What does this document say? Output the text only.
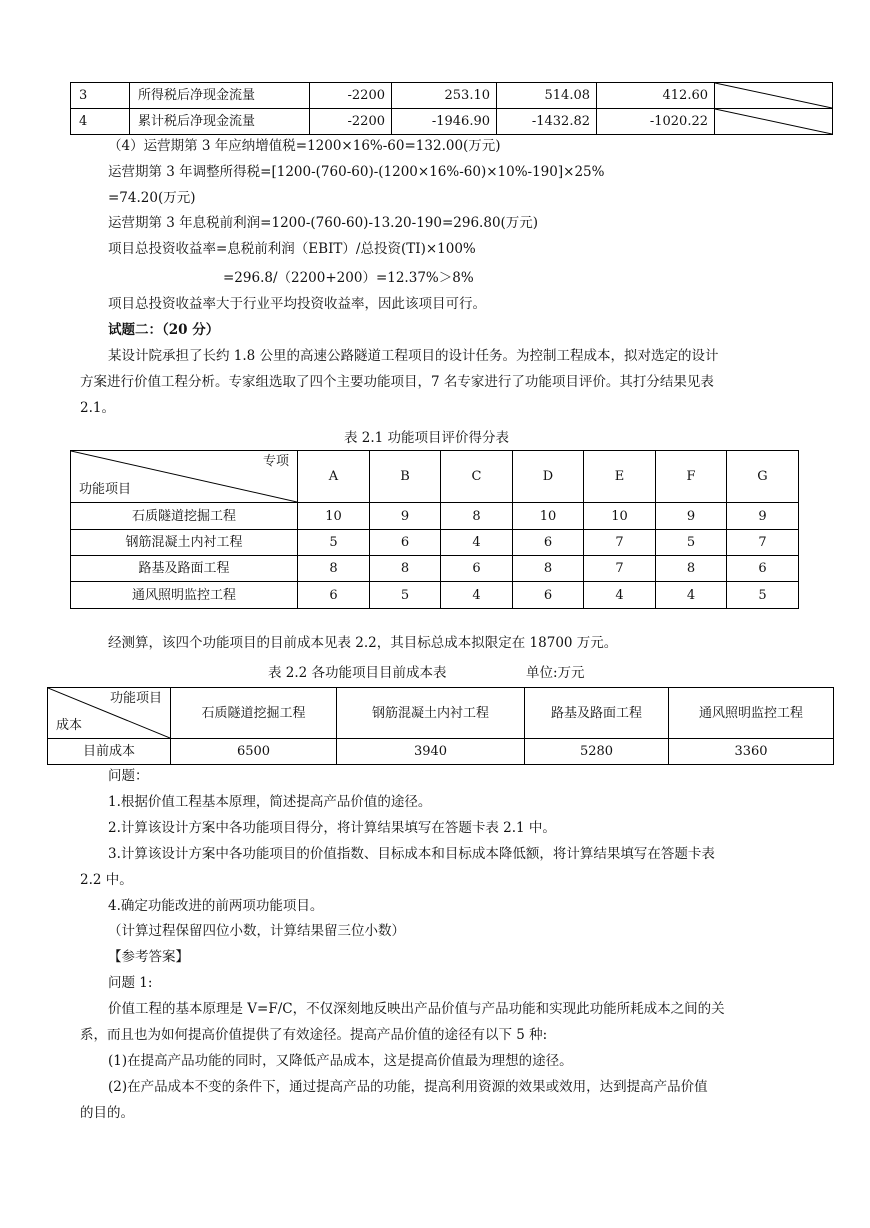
3	所得税后净现金流量	-2200	253.10	514.08	412.60	

4	累计税后净现金流量	-2200	-1946.90	-1432.82	-1020.22	
（4）运营期第 3 年应纳增值税=1200×16%-60=132.00(万元)
运营期第 3 年调整所得税=[1200-(760-60)-(1200×16%-60)×10%-190]×25%
=74.20(万元)
运营期第 3 年息税前利润=1200-(760-60)-13.20-190=296.80(万元)
项目总投资收益率=息税前利润（EBIT）/总投资(TI)×100%
=296.8/（2200+200）=12.37%＞8%
项目总投资收益率大于行业平均投资收益率，因此该项目可行。
试题二：（20 分）
某设计院承担了长约 1.8 公里的高速公路隧道工程项目的设计任务。为控制工程成本，拟对选定的设计
方案进行价值工程分析。专家组选取了四个主要功能项目，7 名专家进行了功能项目评价。其打分结果见表
2.1。
表 2.1 功能项目评价得分表
专项
功能项目	A	B	C	D	E	F	G
石质隧道挖掘工程	10	9	8	10	10	9	9
钢筋混凝土内衬工程	5	6	4	6	7	5	7
路基及路面工程	8	8	6	8	7	8	6
通风照明监控工程	6	5	4	6	4	4	5
经测算，该四个功能项目的目前成本见表 2.2，其目标总成本拟限定在 18700 万元。
表 2.2 各功能项目目前成本表	单位:万元
功能项目
成本	石质隧道挖掘工程	钢筋混凝土内衬工程	路基及路面工程	通风照明监控工程
目前成本	6500	3940	5280	3360
问题：
1.根据价值工程基本原理，简述提高产品价值的途径。
2.计算该设计方案中各功能项目得分，将计算结果填写在答题卡表 2.1 中。
3.计算该设计方案中各功能项目的价值指数、目标成本和目标成本降低额，将计算结果填写在答题卡表
2.2 中。
4.确定功能改进的前两项功能项目。
（计算过程保留四位小数，计算结果留三位小数）
【参考答案】
问题 1:
价值工程的基本原理是 V=F/C，不仅深刻地反映出产品价值与产品功能和实现此功能所耗成本之间的关
系，而且也为如何提高价值提供了有效途径。提高产品价值的途径有以下 5 种:
(1)在提高产品功能的同时，又降低产品成本，这是提高价值最为理想的途径。
(2)在产品成本不变的条件下，通过提高产品的功能，提高利用资源的效果或效用，达到提高产品价值
的目的。
